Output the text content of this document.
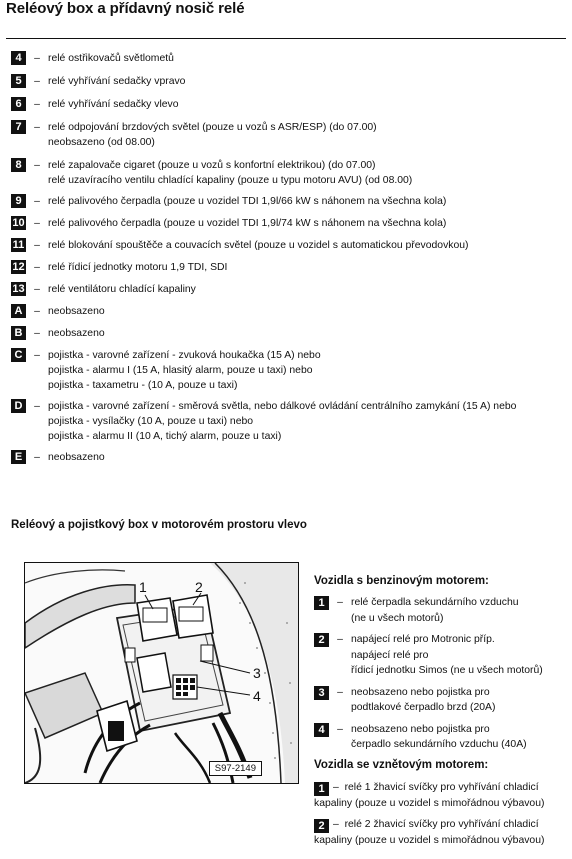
Reléový box a přídavný nosič relé
4	– relé ostřikovačů světlometů
5	– relé vyhřívání sedačky vpravo
6	– relé vyhřívání sedačky vlevo
7	– relé odpojování brzdových světel (pouze u vozů s ASR/ESP) (do 07.00)
neobsazeno (od 08.00)
8	– relé zapalovače cigaret (pouze u vozů s konfortní elektrikou) (do 07.00)
relé uzavíracího ventilu chladící kapaliny (pouze u typu motoru AVU) (od 08.00)
9	– relé palivového čerpadla (pouze u vozidel TDI 1,9l/66 kW s náhonem na všechna kola)
10 – relé palivového čerpadla (pouze u vozidel TDI 1,9l/74 kW s náhonem na všechna kola)
11 – relé blokování spouštěče a couvacích světel (pouze u vozidel s automatickou převodovkou)
12 – relé řídicí jednotky motoru 1,9 TDI, SDI
13 – relé ventilátoru chladící kapaliny
A	– neobsazeno
B	– neobsazeno
C	– pojistka - varovné zařízení - zvuková houkačka (15 A) nebo
pojistka - alarmu I (15 A, hlasitý alarm, pouze u taxi) nebo
pojistka - taxametru - (10 A, pouze u taxi)
D	– pojistka - varovné zařízení - směrová světla, nebo dálkové ovládání centrálního zamykání (15 A) nebo
pojistka - vysílačky (10 A, pouze u taxi) nebo
pojistka - alarmu II (10 A, tichý alarm, pouze u taxi)
E	– neobsazeno
Reléový a pojistkový box v motorovém prostoru vlevo
1	2
3
4
S97-2149
Vozidla s benzinovým motorem:
1	– relé čerpadla sekundárního vzduchu
(ne u všech motorů)
2	– napájecí relé pro Motronic příp.
napájecí relé pro
řídicí jednotku Simos (ne u všech motorů)
3	– neobsazeno nebo pojistka pro
podtlakové čerpadlo brzd (20A)
4	– neobsazeno nebo pojistka pro
čerpadlo sekundárního vzduchu (40A)
Vozidla se vznětovým motorem:
1 – relé 1 žhavicí svíčky pro vyhřívání chladicí
kapaliny (pouze u vozidel s mimořádnou výbavou)
2 – relé 2 žhavicí svíčky pro vyhřívání chladicí
kapaliny (pouze u vozidel s mimořádnou výbavou)
